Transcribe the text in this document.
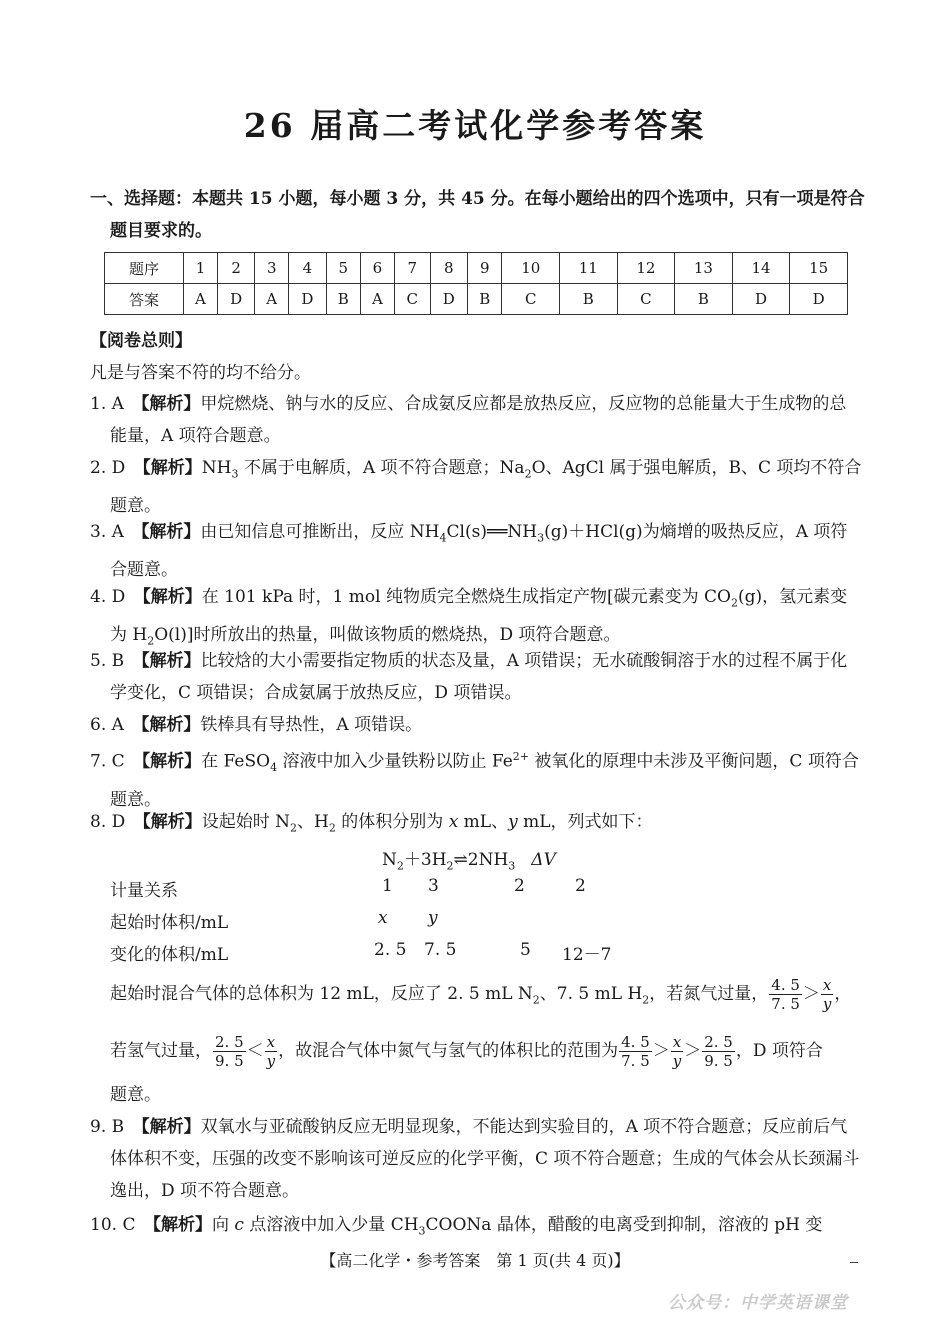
26 届高二考试化学参考答案
一、选择题：本题共 15 小题，每小题 3 分，共 45 分。在每小题给出的四个选项中，只有一项是符合题目要求的。
题序	1	2	3	4	5	6	7	8	9	10	11	12	13	14	15
答案	A	D	A	D	B	A	C	D	B	C	B	C	B	D	D
【阅卷总则】
凡是与答案不符的均不给分。
1. A　 【解析】甲烷燃烧、钠与水的反应、合成氨反应都是放热反应，反应物的总能量大于生成物的总能量，A 项符合题意。
2. D　 【解析】$NH_3$ 不属于电解质，A 项不符合题意；$Na_2O$、AgCl 属于强电解质，B、C 项均不符合题意。
3. A　 【解析】由已知信息可推断出，反应 $NH_4Cl(s)══NH_3(g)+HCl(g)$为熵增的吸热反应，A 项符合题意。
4. D　 【解析】在 101 kPa 时，1 mol 纯物质完全燃烧生成指定产物[碳元素变为 $CO_2(g)$，氢元素变为 $H_2O(l)$]时所放出的热量，叫做该物质的燃烧热，D 项符合题意。
5. B　 【解析】比较焓的大小需要指定物质的状态及量，A 项错误；无水硫酸铜溶于水的过程不属于化学变化，C 项错误；合成氨属于放热反应，D 项错误。
6. A　 【解析】铁棒具有导热性，A 项错误。
7. C　 【解析】在 FeSO$_4$ 溶液中加入少量铁粉以防止 $Fe^{2+}$ 被氧化的原理中未涉及平衡问题，C 项符合题意。
8. D　 【解析】设起始时 $N_2$、$H_2$ 的体积分别为 x mL、y mL，列式如下：
$N_2+3H_2\rightleftharpoons 2NH_3$ ΔV
计量关系	1 3	2	2
起始时体积/mL	x y
变化的体积/mL	2. 5 7. 5	5 12－7
起始时混合气体的总体积为 12 mL，反应了 2. 5 mL $N_2$、7. 5 mL $H_2$，若氮气过量， $\frac{4. 5}{7. 5} > \frac{x}{y}$ ，
若氢气过量， $\frac{2. 5}{9. 5} < \frac{x}{y}$ ，故混合气体中氮气与氢气的体积比的范围为 $\frac{4. 5}{7. 5} > \frac{x}{y} > \frac{2. 5}{9. 5}$ ，D 项符合
题意。
9. B　 【解析】双氧水与亚硫酸钠反应无明显现象，不能达到实验目的，A 项不符合题意；反应前后气体体积不变，压强的改变不影响该可逆反应的化学平衡，C 项不符合题意；生成的气体会从长颈漏斗逸出，D 项不符合题意。
10. C　 【解析】向 c 点溶液中加入少量 $CH_3COONa$ 晶体，醋酸的电离受到抑制，溶液的 pH 变
【高二化学・参考答案　第 1 页(共 4 页)】
公众号：中学英语课堂
